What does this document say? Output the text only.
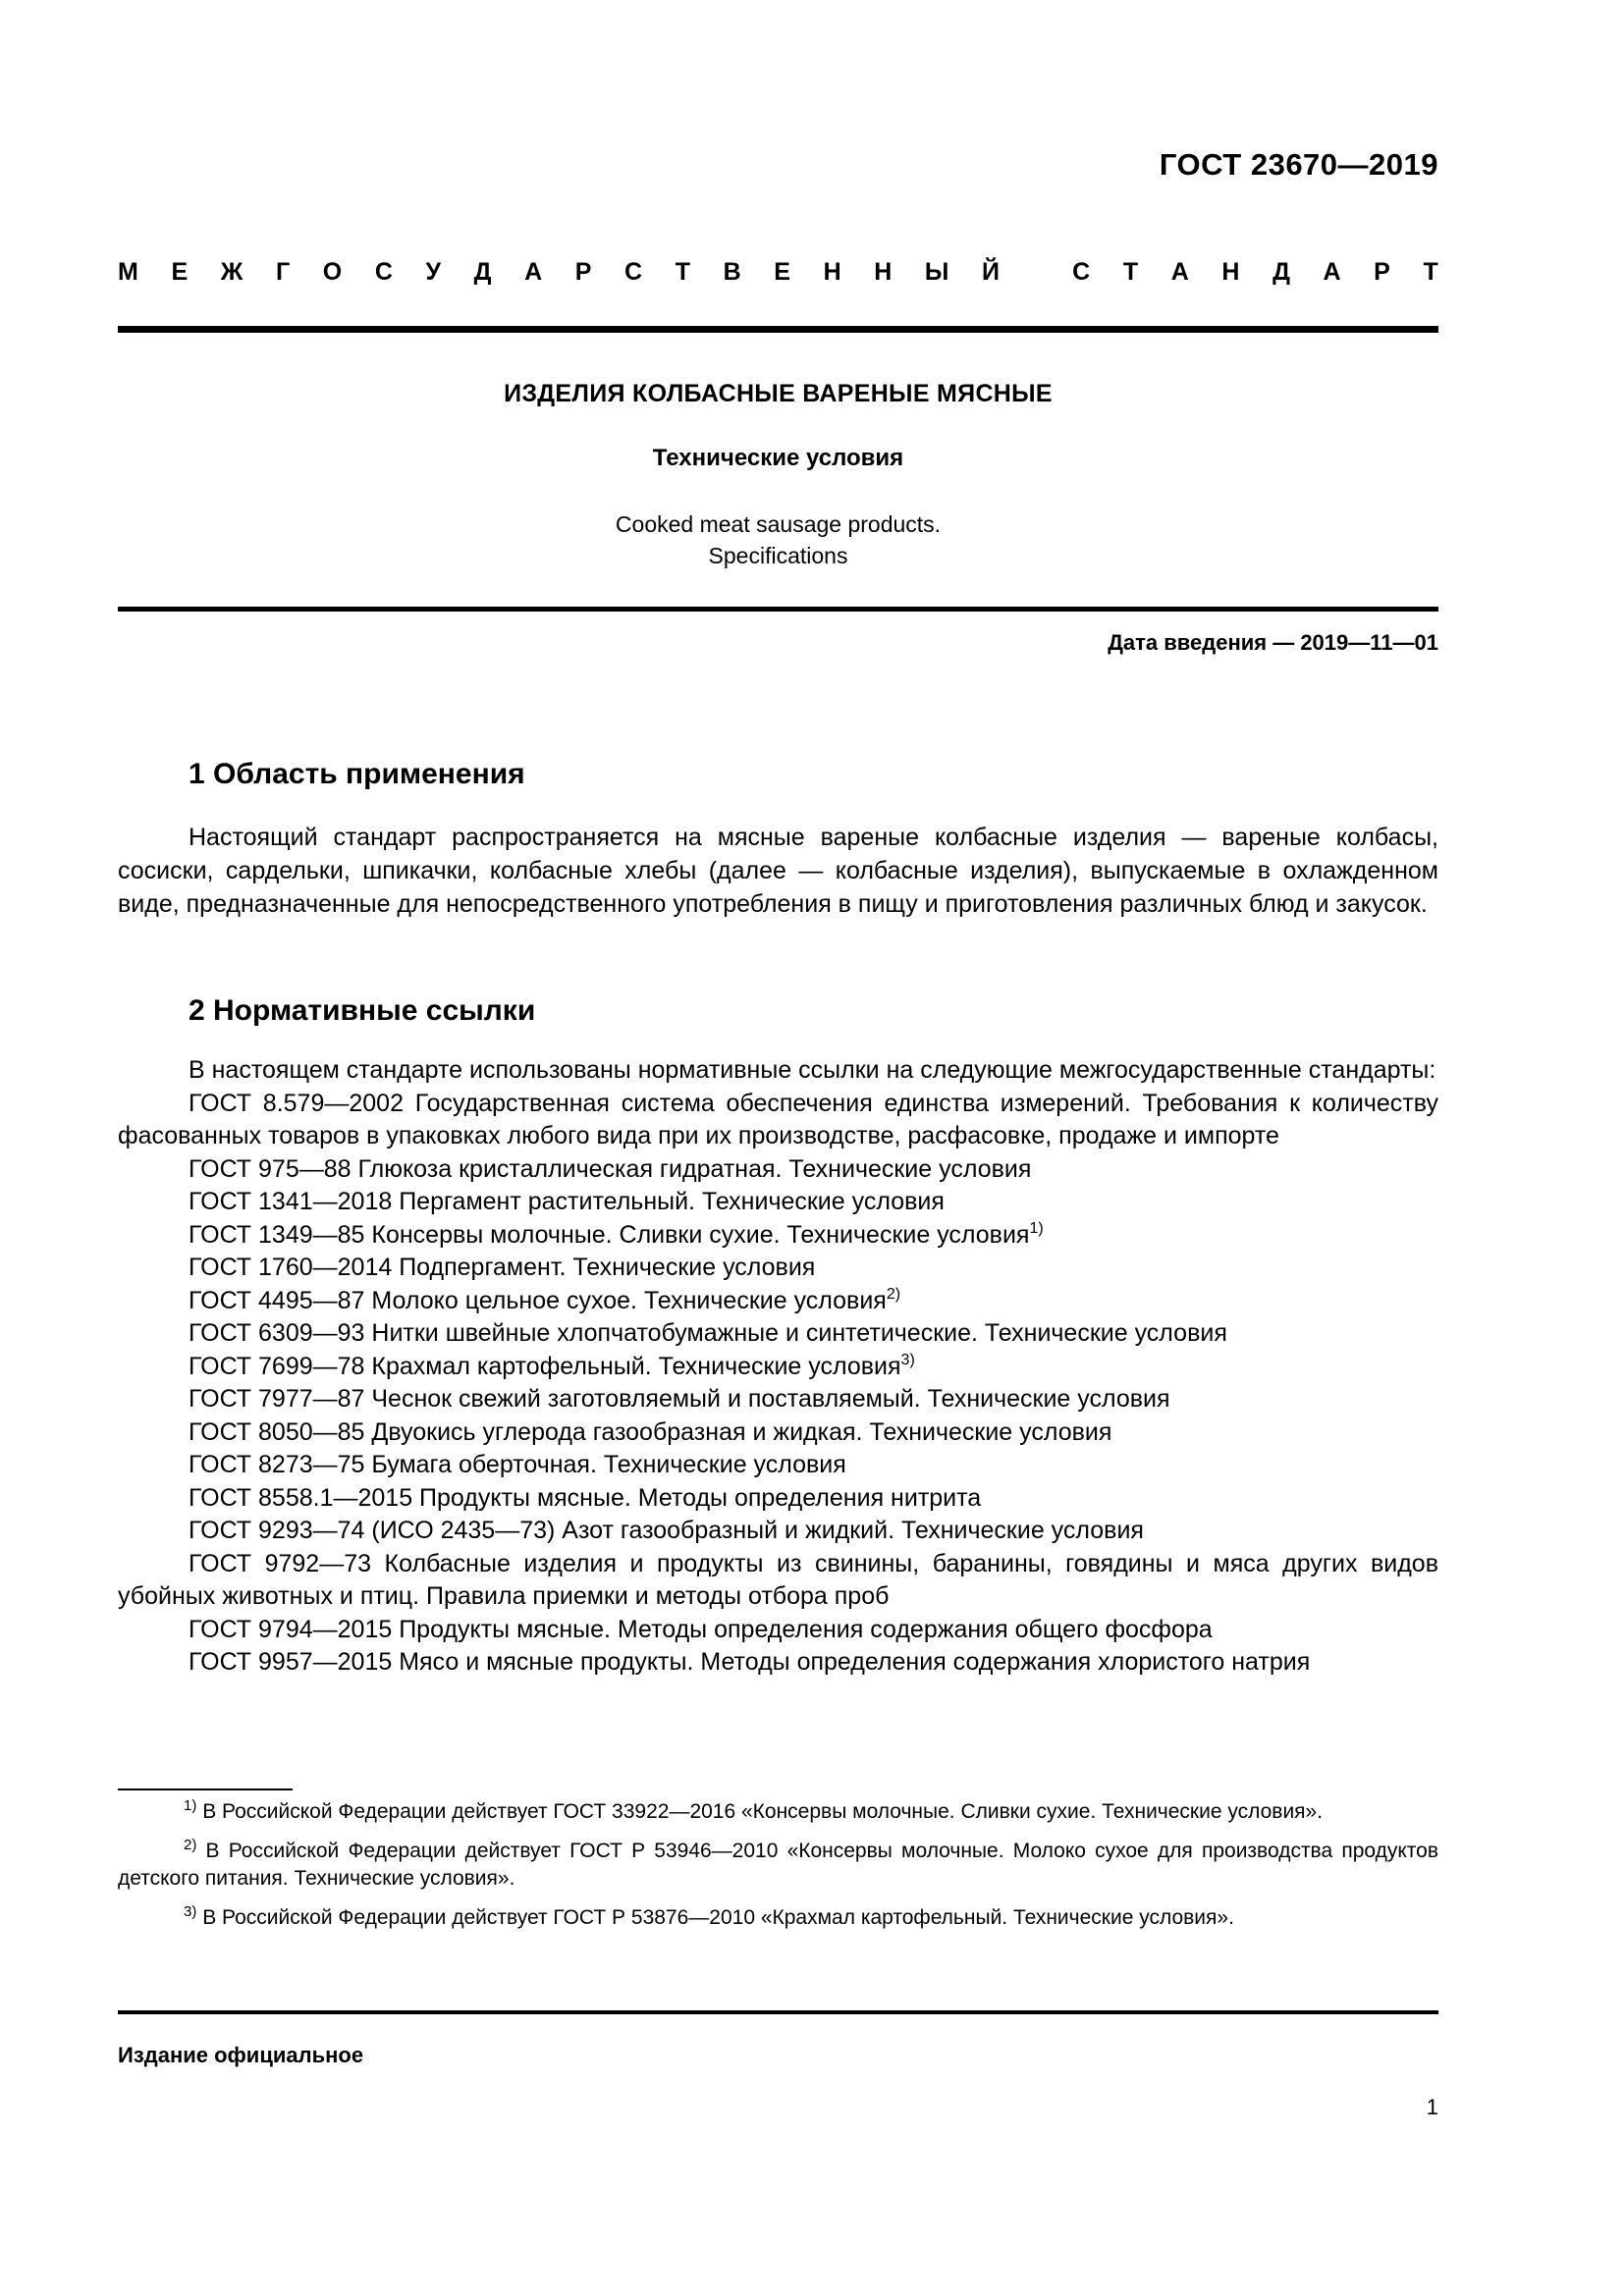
ГОСТ 23670—2019
М Е Ж Г О С У Д А Р С Т В Е Н Н Ы Й
	С Т А Н Д А Р Т
ИЗДЕЛИЯ КОЛБАСНЫЕ ВАРЕНЫЕ МЯСНЫЕ
Технические условия
Cooked meat sausage products.
Specifications
Дата введения — 2019—11—01
1 Область применения
Настоящий стандарт распространяется на мясные вареные колбасные изделия — вареные колбасы, сосиски, сардельки, шпикачки, колбасные хлебы (далее — колбасные изделия), выпускаемые в охлажденном виде, предназначенные для непосредственного употребления в пищу и приготовления различных блюд и закусок.
2 Нормативные ссылки

В настоящем стандарте использованы нормативные ссылки на следующие межгосударственные стандарты:

ГОСТ 8.579—2002 Государственная система обеспечения единства измерений. Требования к количеству фасованных товаров в упаковках любого вида при их производстве, расфасовке, продаже и импорте

ГОСТ 975—88 Глюкоза кристаллическая гидратная. Технические условия

ГОСТ 1341—2018 Пергамент растительный. Технические условия

ГОСТ 1349—85 Консервы молочные. Сливки сухие. Технические условия$^{1)}$

ГОСТ 1760—2014 Подпергамент. Технические условия

ГОСТ 4495—87 Молоко цельное сухое. Технические условия$^{2)}$

ГОСТ 6309—93 Нитки швейные хлопчатобумажные и синтетические. Технические условия

ГОСТ 7699—78 Крахмал картофельный. Технические условия$^{3)}$

ГОСТ 7977—87 Чеснок свежий заготовляемый и поставляемый. Технические условия

ГОСТ 8050—85 Двуокись углерода газообразная и жидкая. Технические условия

ГОСТ 8273—75 Бумага оберточная. Технические условия

ГОСТ 8558.1—2015 Продукты мясные. Методы определения нитрита

ГОСТ 9293—74 (ИСО 2435—73) Азот газообразный и жидкий. Технические условия

ГОСТ 9792—73 Колбасные изделия и продукты из свинины, баранины, говядины и мяса других видов убойных животных и птиц. Правила приемки и методы отбора проб

ГОСТ 9794—2015 Продукты мясные. Методы определения содержания общего фосфора

ГОСТ 9957—2015 Мясо и мясные продукты. Методы определения содержания хлористого натрия

$^{1)}$ В Российской Федерации действует ГОСТ 33922—2016 «Консервы молочные. Сливки сухие. Технические условия».

$^{2)}$ В Российской Федерации действует ГОСТ Р 53946—2010 «Консервы молочные. Молоко сухое для производства продуктов детского питания. Технические условия».

$^{3)}$ В Российской Федерации действует ГОСТ Р 53876—2010 «Крахмал картофельный. Технические условия».

Издание официальное
1
